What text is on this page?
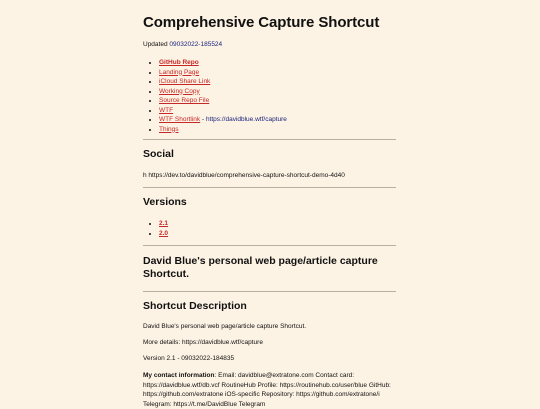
Comprehensive Capture Shortcut
Updated 09032022-185524
• GitHub Repo
• Landing Page
• iCloud Share Link
• Working Copy
• Source Repo File
• WTF
• WTF Shortlink - https://davidblue.wtf/capture
• Things
Social

h https://dev.to/davidblue/comprehensive-capture-shortcut-demo-4d40

Versions
• 2.1
• 2.0
David Blue's personal web page/article capture Shortcut.
Shortcut Description

David Blue's personal web page/article capture Shortcut.

More details: https://davidblue.wtf/capture

Version 2.1 - 09032022-184835

My contact information: Email: davidblue@extratone.com Contact card: https://davidblue.wtf/db.vcf RoutineHub Profile: https://routinehub.co/user/blue GitHub: https://github.com/extratone iOS-specific Repository: https://github.com/extratone/i Telegram: https://t.me/DavidBlue Telegram
